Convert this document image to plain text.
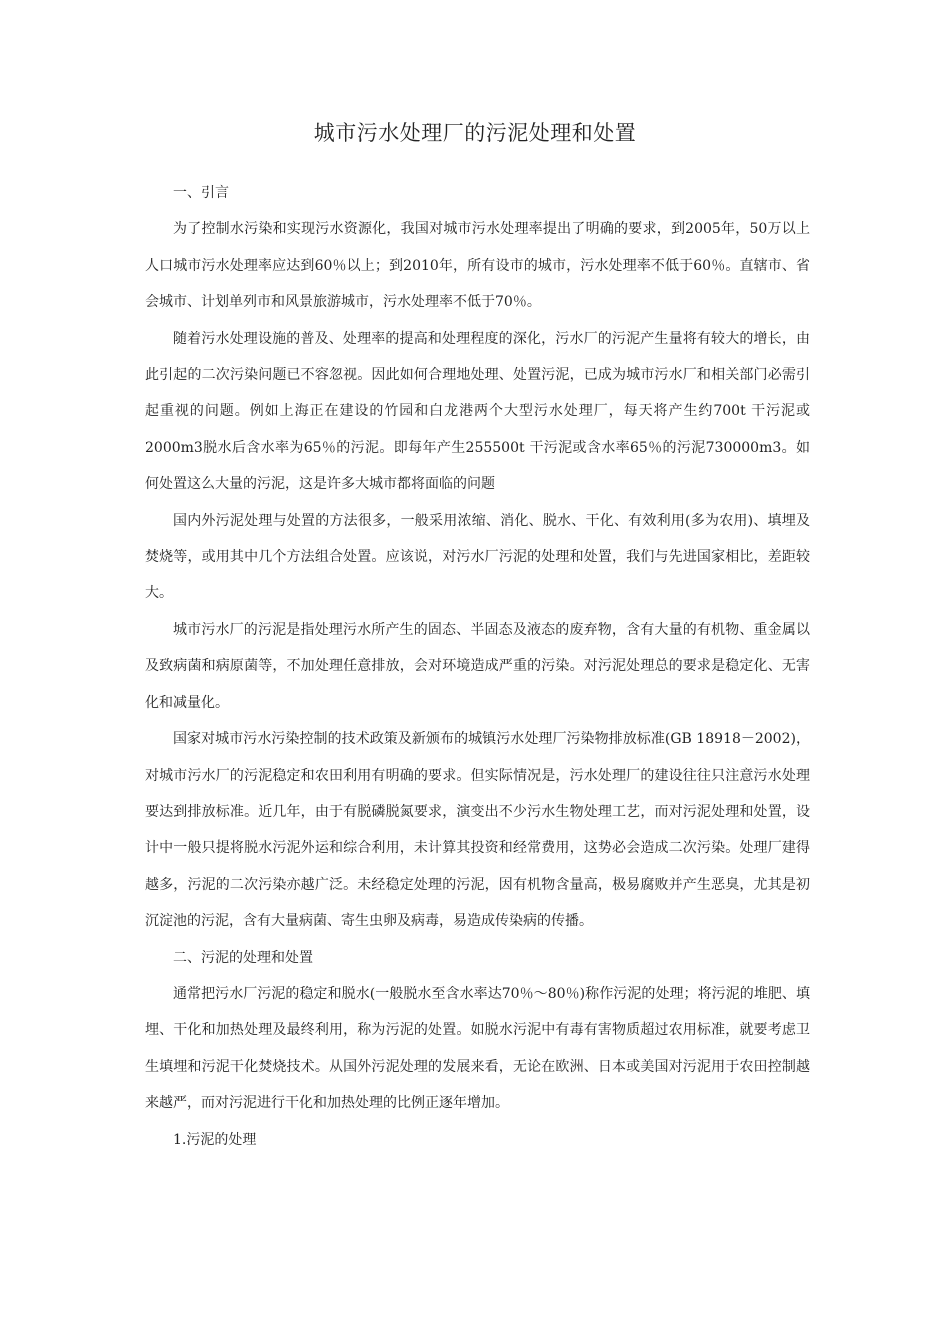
城市污水处理厂的污泥处理和处置

一、引言

为了控制水污染和实现污水资源化，我国对城市污水处理率提出了明确的要求，到2005年，50万以上人口城市污水处理率应达到60％以上；到2010年，所有设市的城市，污水处理率不低于60％。直辖市、省会城市、计划单列市和风景旅游城市，污水处理率不低于70％。

随着污水处理设施的普及、处理率的提高和处理程度的深化，污水厂的污泥产生量将有较大的增长，由此引起的二次污染问题已不容忽视。因此如何合理地处理、处置污泥，已成为城市污水厂和相关部门必需引起重视的问题。例如上海正在建设的竹园和白龙港两个大型污水处理厂，每天将产生约700t 干污泥或2000m3脱水后含水率为65％的污泥。即每年产生255500t 干污泥或含水率65％的污泥730000m3。如何处置这么大量的污泥，这是许多大城市都将面临的问题

国内外污泥处理与处置的方法很多，一般采用浓缩、消化、脱水、干化、有效利用(多为农用)、填埋及焚烧等，或用其中几个方法组合处置。应该说，对污水厂污泥的处理和处置，我们与先进国家相比，差距较大。

城市污水厂的污泥是指处理污水所产生的固态、半固态及液态的废弃物，含有大量的有机物、重金属以及致病菌和病原菌等，不加处理任意排放，会对环境造成严重的污染。对污泥处理总的要求是稳定化、无害化和减量化。

国家对城市污水污染控制的技术政策及新颁布的城镇污水处理厂污染物排放标准(GB 18918－2002)，对城市污水厂的污泥稳定和农田利用有明确的要求。但实际情况是，污水处理厂的建设往往只注意污水处理要达到排放标准。近几年，由于有脱磷脱氮要求，演变出不少污水生物处理工艺，而对污泥处理和处置，设计中一般只提将脱水污泥外运和综合利用，未计算其投资和经常费用，这势必会造成二次污染。处理厂建得越多，污泥的二次污染亦越广泛。未经稳定处理的污泥，因有机物含量高，极易腐败并产生恶臭，尤其是初沉淀池的污泥，含有大量病菌、寄生虫卵及病毒，易造成传染病的传播。

二、污泥的处理和处置

通常把污水厂污泥的稳定和脱水(一般脱水至含水率达70％～80％)称作污泥的处理；将污泥的堆肥、填埋、干化和加热处理及最终利用，称为污泥的处置。如脱水污泥中有毒有害物质超过农用标准，就要考虑卫生填埋和污泥干化焚烧技术。从国外污泥处理的发展来看，无论在欧洲、日本或美国对污泥用于农田控制越来越严，而对污泥进行干化和加热处理的比例正逐年增加。

1.污泥的处理
